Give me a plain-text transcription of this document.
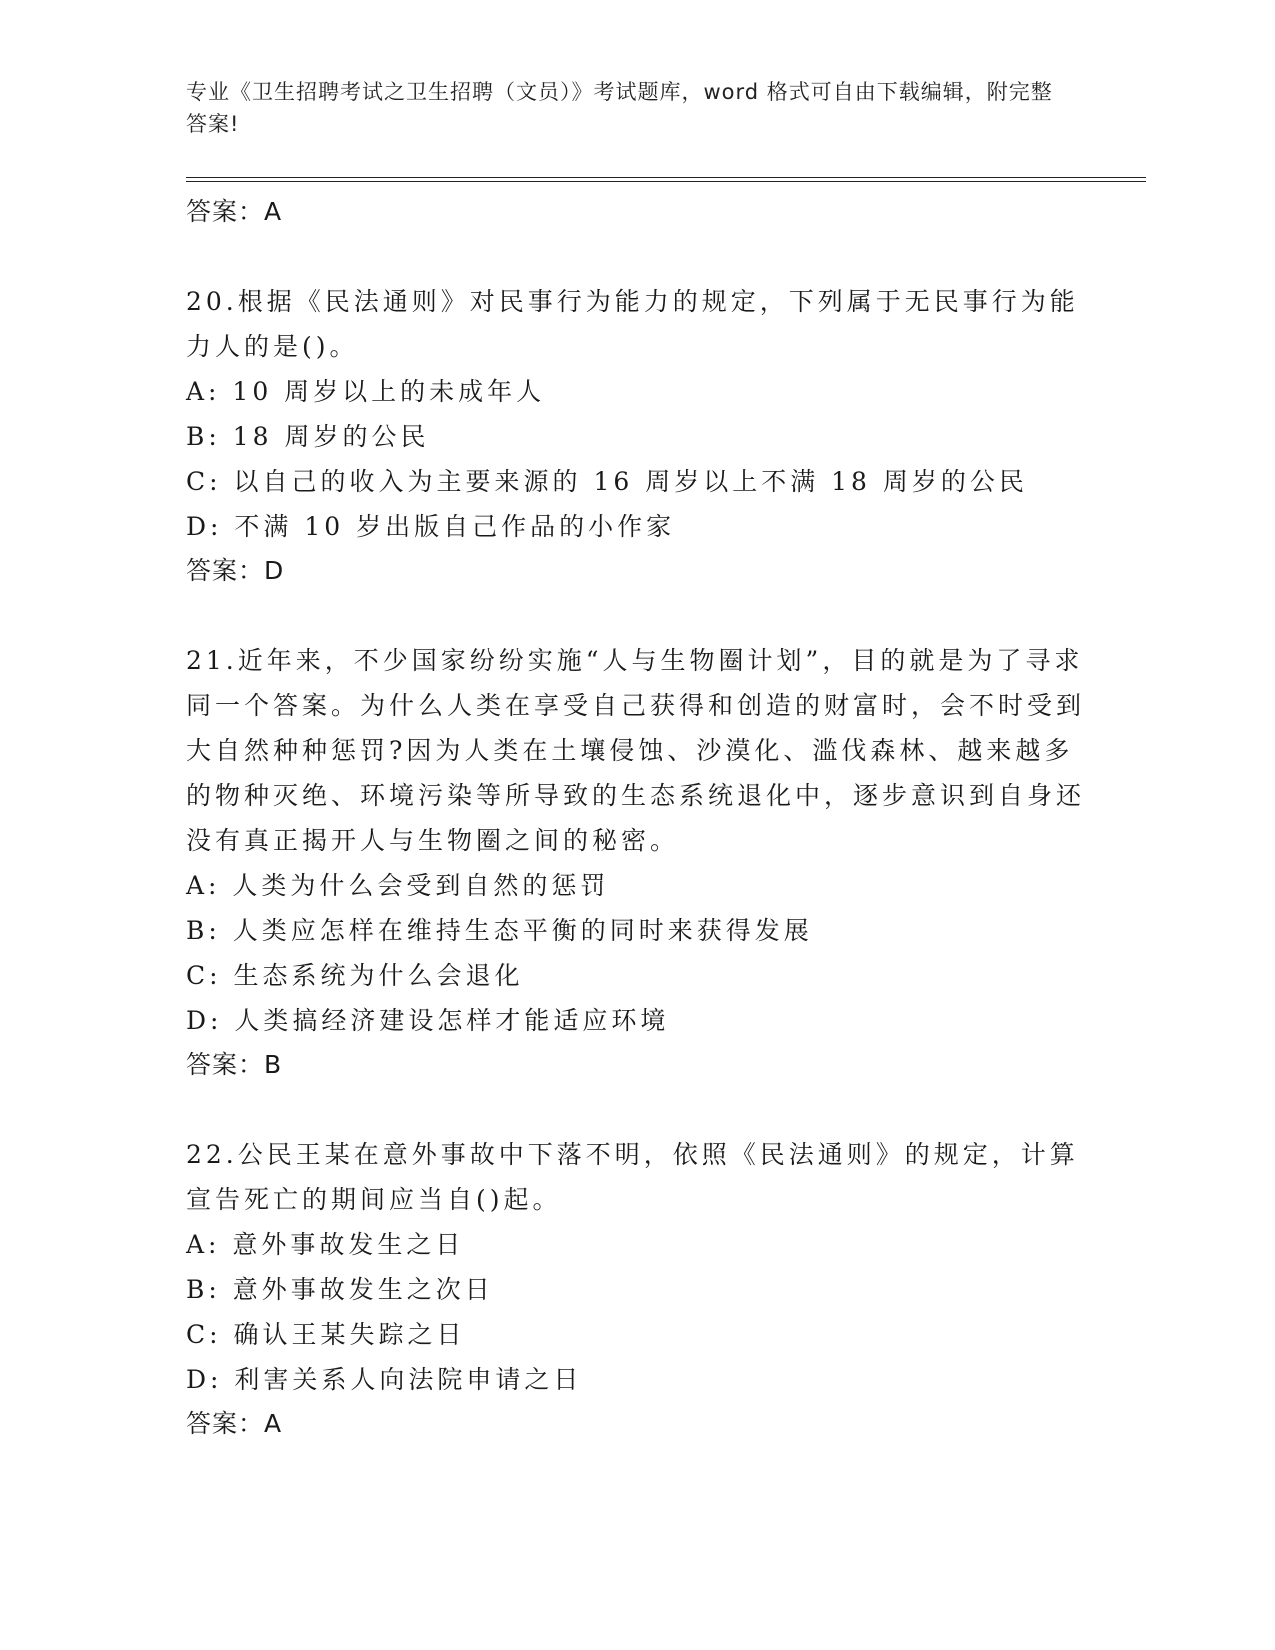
专业《卫生招聘考试之卫生招聘（文员）》考试题库，word 格式可自由下载编辑，附完整答案!
答案：A
20.根据《民法通则》对民事行为能力的规定，下列属于无民事行为能力人的是()。
A: 10 周岁以上的未成年人
B: 18 周岁的公民
C: 以自己的收入为主要来源的 16 周岁以上不满 18 周岁的公民
D: 不满 10 岁出版自己作品的小作家
答案：D
21.近年来，不少国家纷纷实施“人与生物圈计划”，目的就是为了寻求同一个答案。为什么人类在享受自己获得和创造的财富时，会不时受到大自然种种惩罚?因为人类在土壤侵蚀、沙漠化、滥伐森林、越来越多的物种灭绝、环境污染等所导致的生态系统退化中，逐步意识到自身还没有真正揭开人与生物圈之间的秘密。
A: 人类为什么会受到自然的惩罚
B: 人类应怎样在维持生态平衡的同时来获得发展
C: 生态系统为什么会退化
D: 人类搞经济建设怎样才能适应环境
答案：B
22.公民王某在意外事故中下落不明，依照《民法通则》的规定，计算宣告死亡的期间应当自()起。
A: 意外事故发生之日
B: 意外事故发生之次日
C: 确认王某失踪之日
D: 利害关系人向法院申请之日
答案：A
